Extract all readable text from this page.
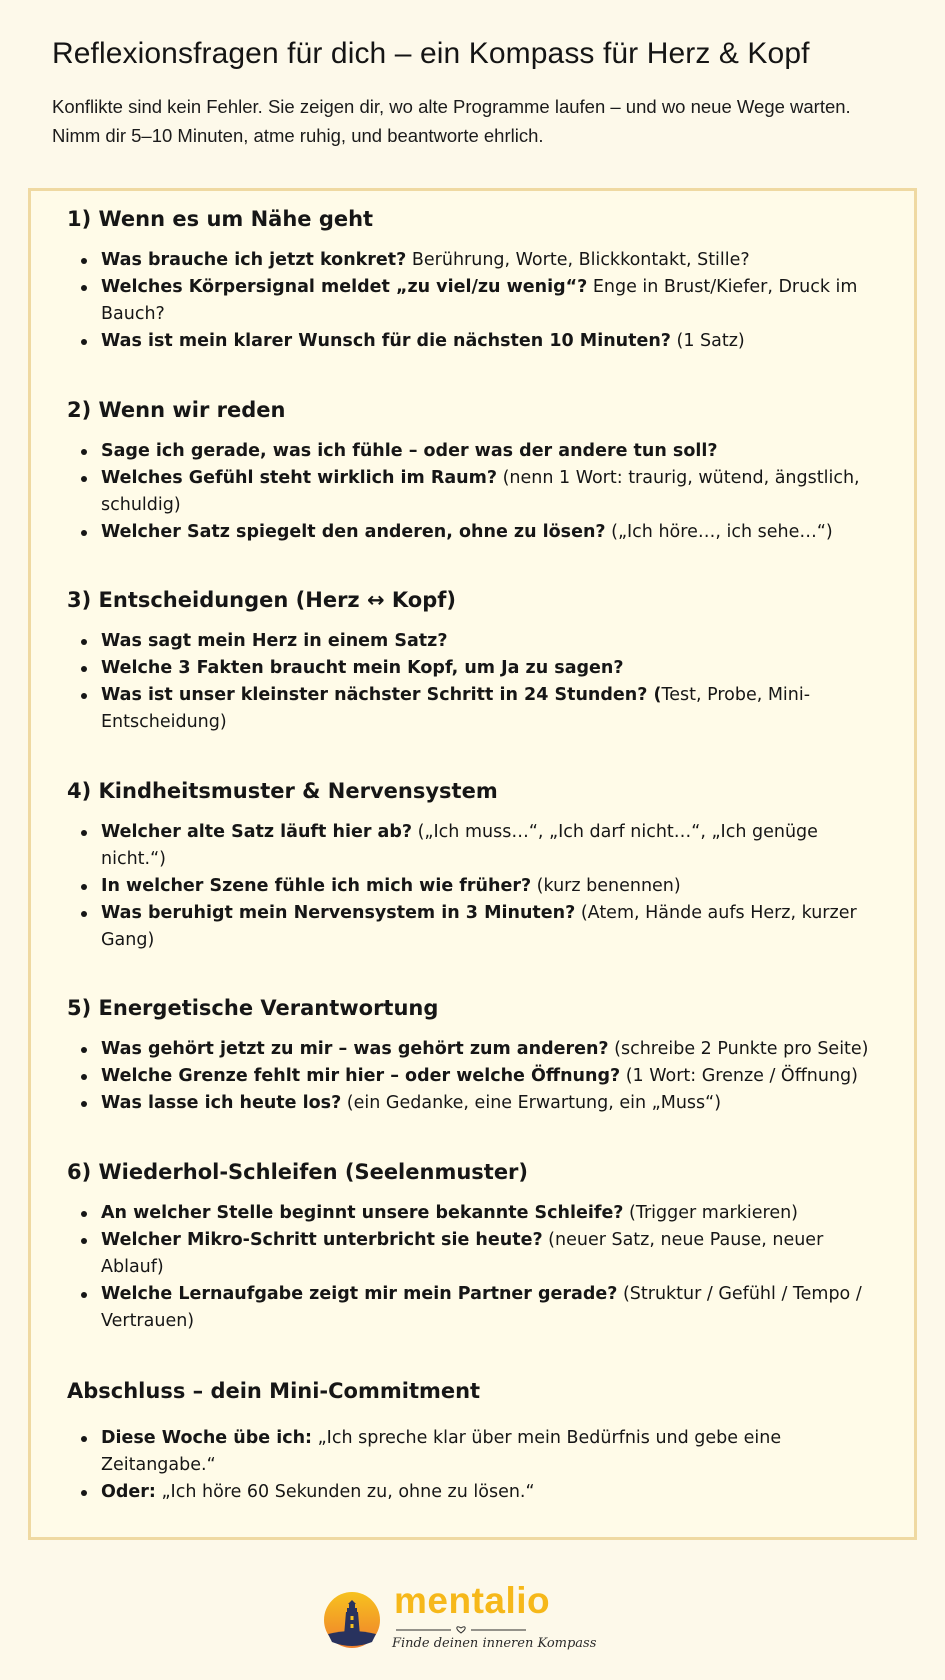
Reflexionsfragen für dich – ein Kompass für Herz & Kopf

Konflikte sind kein Fehler. Sie zeigen dir, wo alte Programme laufen – und wo neue Wege warten. Nimm dir 5–10 Minuten, atme ruhig, und beantworte ehrlich.

1) Wenn es um Nähe geht
Was brauche ich jetzt konkret? Berührung, Worte, Blickkontakt, Stille?
Welches Körpersignal meldet „zu viel/zu wenig“? Enge in Brust/Kiefer, Druck im Bauch?
Was ist mein klarer Wunsch für die nächsten 10 Minuten? (1 Satz)
2) Wenn wir reden
Sage ich gerade, was ich fühle – oder was der andere tun soll?
Welches Gefühl steht wirklich im Raum? (nenn 1 Wort: traurig, wütend, ängstlich, schuldig)
Welcher Satz spiegelt den anderen, ohne zu lösen? („Ich höre…, ich sehe…“)
3) Entscheidungen (Herz ↔ Kopf)
Was sagt mein Herz in einem Satz?
Welche 3 Fakten braucht mein Kopf, um Ja zu sagen?
Was ist unser kleinster nächster Schritt in 24 Stunden? (Test, Probe, Mini-Entscheidung)
4) Kindheitsmuster & Nervensystem
Welcher alte Satz läuft hier ab? („Ich muss…“, „Ich darf nicht…“, „Ich genüge nicht.“)
In welcher Szene fühle ich mich wie früher? (kurz benennen)
Was beruhigt mein Nervensystem in 3 Minuten? (Atem, Hände aufs Herz, kurzer Gang)
5) Energetische Verantwortung
Was gehört jetzt zu mir – was gehört zum anderen? (schreibe 2 Punkte pro Seite)
Welche Grenze fehlt mir hier – oder welche Öffnung? (1 Wort: Grenze / Öffnung)
Was lasse ich heute los? (ein Gedanke, eine Erwartung, ein „Muss“)
6) Wiederhol-Schleifen (Seelenmuster)
An welcher Stelle beginnt unsere bekannte Schleife? (Trigger markieren)
Welcher Mikro-Schritt unterbricht sie heute? (neuer Satz, neue Pause, neuer Ablauf)
Welche Lernaufgabe zeigt mir mein Partner gerade? (Struktur / Gefühl / Tempo / Vertrauen)
Abschluss – dein Mini-Commitment
Diese Woche übe ich: „Ich spreche klar über mein Bedürfnis und gebe eine Zeitangabe.“
Oder: „Ich höre 60 Sekunden zu, ohne zu lösen.“
mentalio
Finde deinen inneren Kompass
